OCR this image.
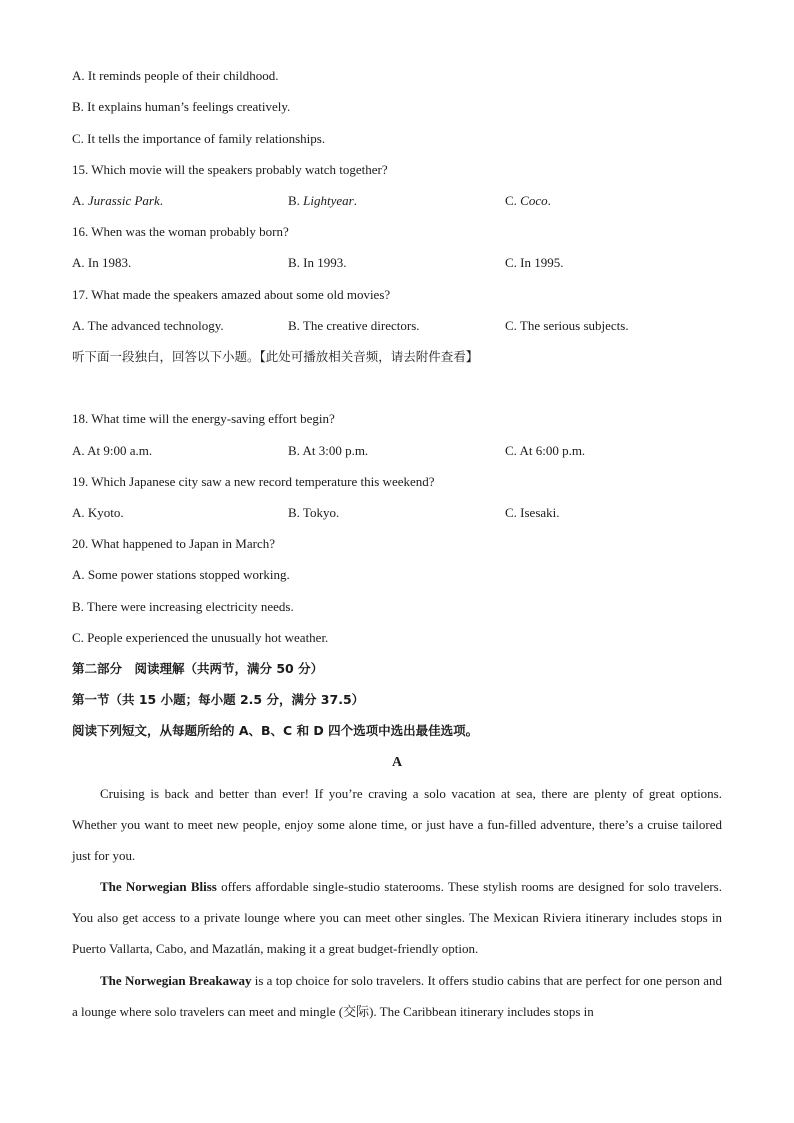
A. It reminds people of their childhood.
B. It explains human’s feelings creatively.
C. It tells the importance of family relationships.
15. Which movie will the speakers probably watch together?
A. Jurassic Park.	B. Lightyear.	C. Coco.
16. When was the woman probably born?
A. In 1983.	B. In 1993.	C. In 1995.
17. What made the speakers amazed about some old movies?
A. The advanced technology.	B. The creative directors.	C. The serious subjects.
听下面一段独白，回答以下小题。【此处可播放相关音频，请去附件查看】
18. What time will the energy-saving effort begin?
A. At 9:00 a.m.	B. At 3:00 p.m.	C. At 6:00 p.m.
19. Which Japanese city saw a new record temperature this weekend?
A. Kyoto.	B. Tokyo.	C. Isesaki.
20. What happened to Japan in March?
A. Some power stations stopped working.
B. There were increasing electricity needs.
C. People experienced the unusually hot weather.
第二部分　阅读理解（共两节，满分 50 分）
第一节（共 15 小题；每小题 2.5 分，满分 37.5）
阅读下列短文，从每题所给的 A、B、C 和 D 四个选项中选出最佳选项。
A
Cruising is back and better than ever! If you’re craving a solo vacation at sea, there are plenty of great options. Whether you want to meet new people, enjoy some alone time, or just have a fun-filled adventure, there’s a cruise tailored just for you.
The Norwegian Bliss offers affordable single-studio staterooms. These stylish rooms are designed for solo travelers. You also get access to a private lounge where you can meet other singles. The Mexican Riviera itinerary includes stops in Puerto Vallarta, Cabo, and Mazatlán, making it a great budget-friendly option.
The Norwegian Breakaway is a top choice for solo travelers. It offers studio cabins that are perfect for one person and a lounge where solo travelers can meet and mingle (交际). The Caribbean itinerary includes stops in
